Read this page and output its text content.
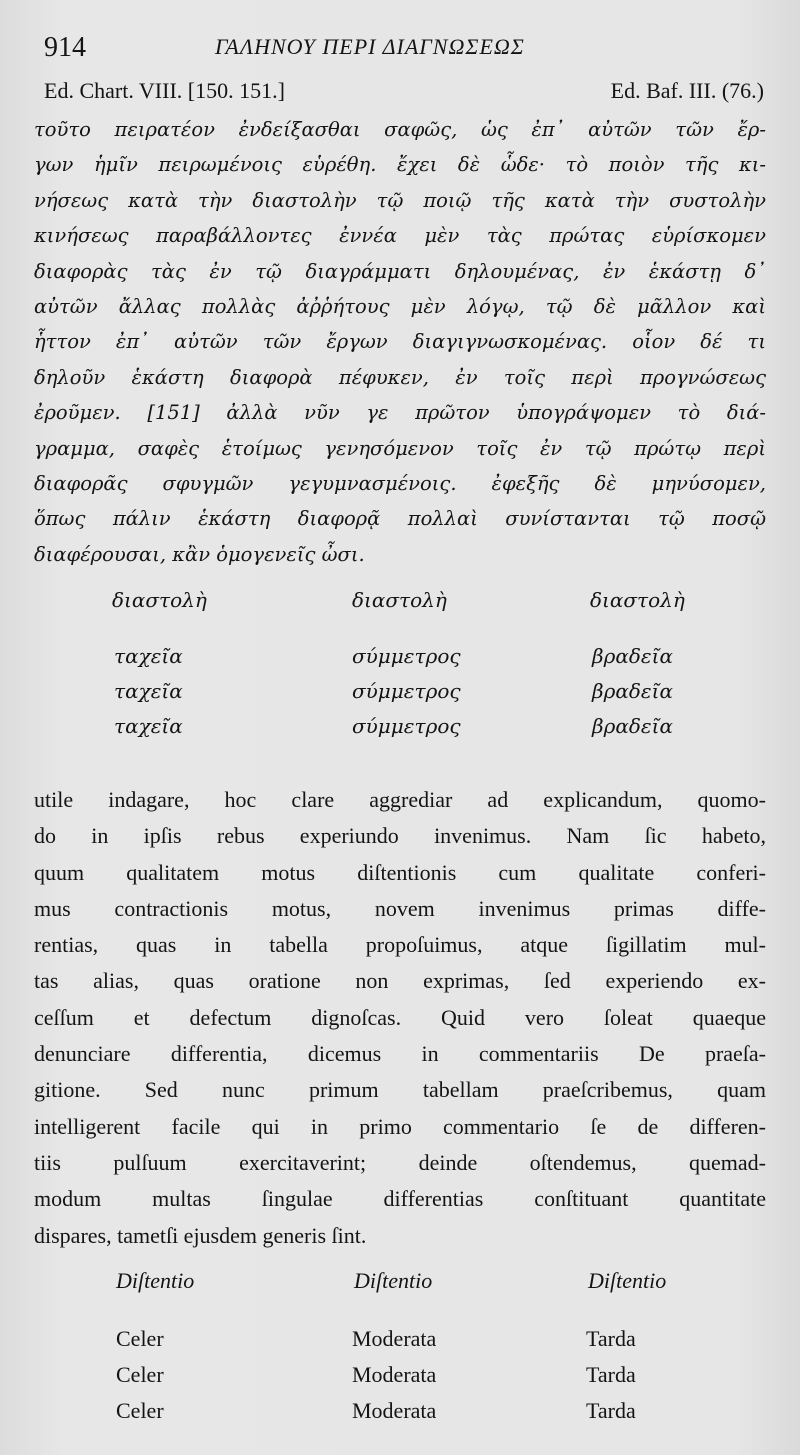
914	ΓΑΛΗΝΟΥ ΠΕΡΙ ΔΙΑΓΝΩΣΕΩΣ
Ed. Chart. VIII. [150. 151.]	Ed. Baf. III. (76.)
τοῦτο πειρατέον ἐνδείξασθαι σαφῶς, ὡς ἐπ᾽ αὐτῶν τῶν ἔρ-
γων ἡμῖν πειρωμένοις εὑρέθη. ἔχει δὲ ὧδε· τὸ ποιὸν τῆς κι-
νήσεως κατὰ τὴν διαστολὴν τῷ ποιῷ τῆς κατὰ τὴν συστολὴν
κινήσεως παραβάλλοντες ἐννέα μὲν τὰς πρώτας εὑρίσκομεν
διαφορὰς τὰς ἐν τῷ διαγράμματι δηλουμένας, ἐν ἑκάστῃ δ᾽
αὐτῶν ἄλλας πολλὰς ἀῤῥήτους μὲν λόγῳ, τῷ δὲ μᾶλλον καὶ
ἧττον ἐπ᾽ αὐτῶν τῶν ἔργων διαγιγνωσκομένας. οἷον δέ τι
δηλοῦν ἑκάστη διαφορὰ πέφυκεν, ἐν τοῖς περὶ προγνώσεως
ἐροῦμεν. [151] ἀλλὰ νῦν γε πρῶτον ὑπογράψομεν τὸ διά-
γραμμα, σαφὲς ἑτοίμως γενησόμενον τοῖς ἐν τῷ πρώτῳ περὶ
διαφορᾶς σφυγμῶν γεγυμνασμένοις. ἐφεξῆς δὲ μηνύσομεν,
ὅπως πάλιν ἑκάστη διαφορᾷ πολλαὶ συνίστανται τῷ ποσῷ
διαφέρουσαι, κἂν ὁμογενεῖς ὦσι.
διαστολὴ	διαστολὴ	διαστολὴ
ταχεῖα	σύμμετρος	βραδεῖα
ταχεῖα	σύμμετρος	βραδεῖα
ταχεῖα	σύμμετρος	βραδεῖα
utile indagare, hoc clare aggrediar ad explicandum, quomo-
do in ipſis rebus experiundo invenimus. Nam ſic habeto,
quum qualitatem motus diſtentionis cum qualitate conferi-
mus contractionis motus, novem invenimus primas diffe-
rentias, quas in tabella propoſuimus, atque ſigillatim mul-
tas alias, quas oratione non exprimas, ſed experiendo ex-
ceſſum et defectum dignoſcas. Quid vero ſoleat quaeque
denunciare differentia, dicemus in commentariis De praeſa-
gitione. Sed nunc primum tabellam praeſcribemus, quam
intelligerent facile qui in primo commentario ſe de differen-
tiis pulſuum exercitaverint; deinde oſtendemus, quemad-
modum multas ſingulae differentias conſtituant quantitate
dispares, tametſi ejusdem generis ſint.
Diſtentio	Diſtentio	Diſtentio
Celer	Moderata	Tarda
Celer	Moderata	Tarda
Celer	Moderata	Tarda
